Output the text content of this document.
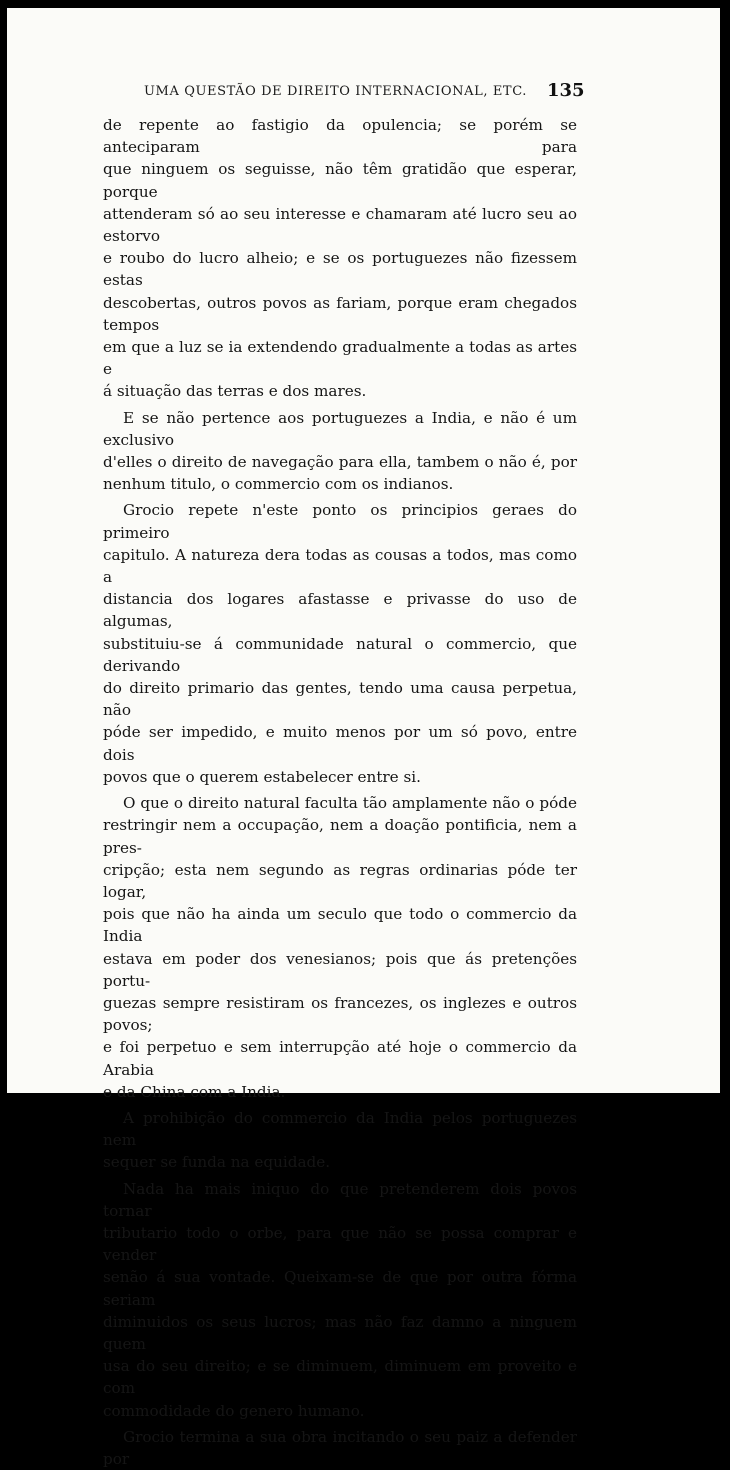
UMA QUESTÃO DE DIREITO INTERNACIONAL, ETC. 135

de repente ao fastigio da opulencia; se porém se anteciparam para

que ninguem os seguisse, não têm gratidão que esperar, porque

attenderam só ao seu interesse e chamaram até lucro seu ao estorvo

e roubo do lucro alheio; e se os portuguezes não fizessem estas

descobertas, outros povos as fariam, porque eram chegados tempos

em que a luz se ia extendendo gradualmente a todas as artes e

á situação das terras e dos mares.

E se não pertence aos portuguezes a India, e não é um exclusivo

d'elles o direito de navegação para ella, tambem o não é, por

nenhum titulo, o commercio com os indianos.

Grocio repete n'este ponto os principios geraes do primeiro

capitulo. A natureza dera todas as cousas a todos, mas como a

distancia dos logares afastasse e privasse do uso de algumas,

substituiu-se á communidade natural o commercio, que derivando

do direito primario das gentes, tendo uma causa perpetua, não

póde ser impedido, e muito menos por um só povo, entre dois

povos que o querem estabelecer entre si.

O que o direito natural faculta tão amplamente não o póde

restringir nem a occupação, nem a doação pontificia, nem a pres-

cripção; esta nem segundo as regras ordinarias póde ter logar,

pois que não ha ainda um seculo que todo o commercio da India

estava em poder dos venesianos; pois que ás pretenções portu-

guezas sempre resistiram os francezes, os inglezes e outros povos;

e foi perpetuo e sem interrupção até hoje o commercio da Arabia

e da China com a India.

A prohibição do commercio da India pelos portuguezes nem

sequer se funda na equidade.

Nada ha mais iniquo do que pretenderem dois povos tornar

tributario todo o orbe, para que não se possa comprar e vender

senão á sua vontade. Queixam-se de que por outra fórma seriam

diminuidos os seus lucros; mas não faz damno a ninguem quem

usa do seu direito; e se diminuem, diminuem em proveito e com

commodidade do genero humano.

Grocio termina a sua obra incitando o seu paiz a defender por
